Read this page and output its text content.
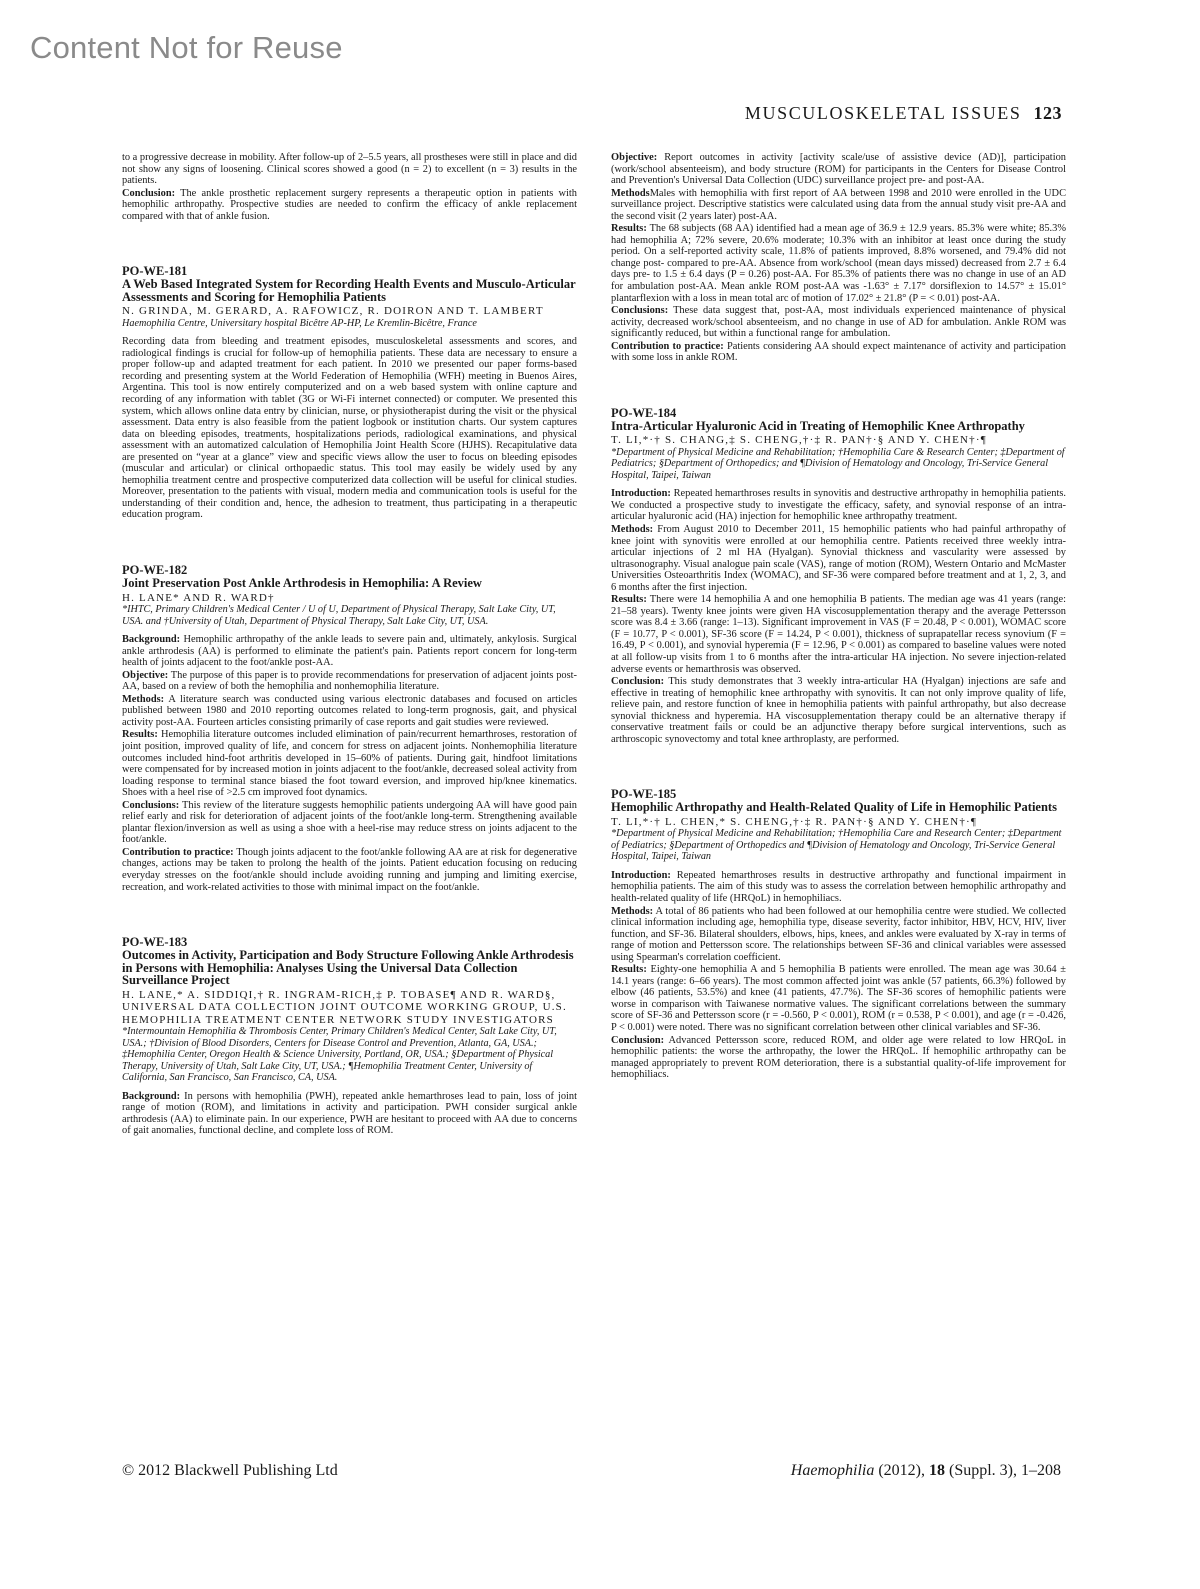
Content Not for Reuse
MUSCULOSKELETAL ISSUES 123

to a progressive decrease in mobility. After follow-up of 2–5.5 years, all prostheses were still in place and did not show any signs of loosening. Clinical scores showed a good (n = 2) to excellent (n = 3) results in the patients.

Conclusion: The ankle prosthetic replacement surgery represents a therapeutic option in patients with hemophilic arthropathy. Prospective studies are needed to confirm the efficacy of ankle replacement compared with that of ankle fusion.

PO-WE-181
A Web Based Integrated System for Recording Health Events and Musculo-Articular Assessments and Scoring for Hemophilia Patients
N. GRINDA, M. GERARD, A. RAFOWICZ, R. DOIRON AND T. LAMBERT
Haemophilia Centre, Universitary hospital Bicêtre AP-HP, Le Kremlin-Bicêtre, France

Recording data from bleeding and treatment episodes, musculoskeletal assessments and scores, and radiological findings is crucial for follow-up of hemophilia patients. These data are necessary to ensure a proper follow-up and adapted treatment for each patient. In 2010 we presented our paper forms-based recording and presenting system at the World Federation of Hemophilia (WFH) meeting in Buenos Aires, Argentina. This tool is now entirely computerized and on a web based system with online capture and recording of any information with tablet (3G or Wi-Fi internet connected) or computer. We presented this system, which allows online data entry by clinician, nurse, or physiotherapist during the visit or the physical assessment. Data entry is also feasible from the patient logbook or institution charts. Our system captures data on bleeding episodes, treatments, hospitalizations periods, radiological examinations, and physical assessment with an automatized calculation of Hemophilia Joint Health Score (HJHS). Recapitulative data are presented on “year at a glance” view and specific views allow the user to focus on bleeding episodes (muscular and articular) or clinical orthopaedic status. This tool may easily be widely used by any hemophilia treatment centre and prospective computerized data collection will be useful for clinical studies. Moreover, presentation to the patients with visual, modern media and communication tools is useful for the understanding of their condition and, hence, the adhesion to treatment, thus participating in a therapeutic education program.

PO-WE-182
Joint Preservation Post Ankle Arthrodesis in Hemophilia: A Review
H. LANE* AND R. WARD†
*IHTC, Primary Children's Medical Center / U of U, Department of Physical Therapy, Salt Lake City, UT, USA. and †University of Utah, Department of Physical Therapy, Salt Lake City, UT, USA.

Background: Hemophilic arthropathy of the ankle leads to severe pain and, ultimately, ankylosis. Surgical ankle arthrodesis (AA) is performed to eliminate the patient's pain. Patients report concern for long-term health of joints adjacent to the foot/ankle post-AA.

Objective: The purpose of this paper is to provide recommendations for preservation of adjacent joints post-AA, based on a review of both the hemophilia and nonhemophilia literature.

Methods: A literature search was conducted using various electronic databases and focused on articles published between 1980 and 2010 reporting outcomes related to long-term prognosis, gait, and physical activity post-AA. Fourteen articles consisting primarily of case reports and gait studies were reviewed.

Results: Hemophilia literature outcomes included elimination of pain/recurrent hemarthroses, restoration of joint position, improved quality of life, and concern for stress on adjacent joints. Nonhemophilia literature outcomes included hind-foot arthritis developed in 15–60% of patients. During gait, hindfoot limitations were compensated for by increased motion in joints adjacent to the foot/ankle, decreased soleal activity from loading response to terminal stance biased the foot toward eversion, and improved hip/knee kinematics. Shoes with a heel rise of >2.5 cm improved foot dynamics.

Conclusions: This review of the literature suggests hemophilic patients undergoing AA will have good pain relief early and risk for deterioration of adjacent joints of the foot/ankle long-term. Strengthening available plantar flexion/inversion as well as using a shoe with a heel-rise may reduce stress on joints adjacent to the foot/ankle.

Contribution to practice: Though joints adjacent to the foot/ankle following AA are at risk for degenerative changes, actions may be taken to prolong the health of the joints. Patient education focusing on reducing everyday stresses on the foot/ankle should include avoiding running and jumping and limiting exercise, recreation, and work-related activities to those with minimal impact on the foot/ankle.

PO-WE-183
Outcomes in Activity, Participation and Body Structure Following Ankle Arthrodesis in Persons with Hemophilia: Analyses Using the Universal Data Collection Surveillance Project
H. LANE,* A. SIDDIQI,† R. INGRAM-RICH,‡ P. TOBASE¶ AND R. WARD§, UNIVERSAL DATA COLLECTION JOINT OUTCOME WORKING GROUP, U.S. HEMOPHILIA TREATMENT CENTER NETWORK STUDY INVESTIGATORS
*Intermountain Hemophilia & Thrombosis Center, Primary Children's Medical Center, Salt Lake City, UT, USA.; †Division of Blood Disorders, Centers for Disease Control and Prevention, Atlanta, GA, USA.; ‡Hemophilia Center, Oregon Health & Science University, Portland, OR, USA.; §Department of Physical Therapy, University of Utah, Salt Lake City, UT, USA.; ¶Hemophilia Treatment Center, University of California, San Francisco, San Francisco, CA, USA.

Background: In persons with hemophilia (PWH), repeated ankle hemarthroses lead to pain, loss of joint range of motion (ROM), and limitations in activity and participation. PWH consider surgical ankle arthrodesis (AA) to eliminate pain. In our experience, PWH are hesitant to proceed with AA due to concerns of gait anomalies, functional decline, and complete loss of ROM.

Objective: Report outcomes in activity [activity scale/use of assistive device (AD)], participation (work/school absenteeism), and body structure (ROM) for participants in the Centers for Disease Control and Prevention's Universal Data Collection (UDC) surveillance project pre- and post-AA.

MethodsMales with hemophilia with first report of AA between 1998 and 2010 were enrolled in the UDC surveillance project. Descriptive statistics were calculated using data from the annual study visit pre-AA and the second visit (2 years later) post-AA.

Results: The 68 subjects (68 AA) identified had a mean age of 36.9 ± 12.9 years. 85.3% were white; 85.3% had hemophilia A; 72% severe, 20.6% moderate; 10.3% with an inhibitor at least once during the study period. On a self-reported activity scale, 11.8% of patients improved, 8.8% worsened, and 79.4% did not change post- compared to pre-AA. Absence from work/school (mean days missed) decreased from 2.7 ± 6.4 days pre- to 1.5 ± 6.4 days (P = 0.26) post-AA. For 85.3% of patients there was no change in use of an AD for ambulation post-AA. Mean ankle ROM post-AA was -1.63° ± 7.17° dorsiflexion to 14.57° ± 15.01° plantarflexion with a loss in mean total arc of motion of 17.02° ± 21.8° (P = < 0.01) post-AA.

Conclusions: These data suggest that, post-AA, most individuals experienced maintenance of physical activity, decreased work/school absenteeism, and no change in use of AD for ambulation. Ankle ROM was significantly reduced, but within a functional range for ambulation.

Contribution to practice: Patients considering AA should expect maintenance of activity and participation with some loss in ankle ROM.

PO-WE-184
Intra-Articular Hyaluronic Acid in Treating of Hemophilic Knee Arthropathy
T. LI,*·† S. CHANG,‡ S. CHENG,†·‡ R. PAN†·§ AND Y. CHEN†·¶
*Department of Physical Medicine and Rehabilitation; †Hemophilia Care & Research Center; ‡Department of Pediatrics; §Department of Orthopedics; and ¶Division of Hematology and Oncology, Tri-Service General Hospital, Taipei, Taiwan

Introduction: Repeated hemarthroses results in synovitis and destructive arthropathy in hemophilia patients. We conducted a prospective study to investigate the efficacy, safety, and synovial response of an intra-articular hyaluronic acid (HA) injection for hemophilic knee arthropathy treatment.

Methods: From August 2010 to December 2011, 15 hemophilic patients who had painful arthropathy of knee joint with synovitis were enrolled at our hemophilia centre. Patients received three weekly intra-articular injections of 2 ml HA (Hyalgan). Synovial thickness and vascularity were assessed by ultrasonography. Visual analogue pain scale (VAS), range of motion (ROM), Western Ontario and McMaster Universities Osteoarthritis Index (WOMAC), and SF-36 were compared before treatment and at 1, 2, 3, and 6 months after the first injection.

Results: There were 14 hemophilia A and one hemophilia B patients. The median age was 41 years (range: 21–58 years). Twenty knee joints were given HA viscosupplementation therapy and the average Pettersson score was 8.4 ± 3.66 (range: 1–13). Significant improvement in VAS (F = 20.48, P < 0.001), WOMAC score (F = 10.77, P < 0.001), SF-36 score (F = 14.24, P < 0.001), thickness of suprapatellar recess synovium (F = 16.49, P < 0.001), and synovial hyperemia (F = 12.96, P < 0.001) as compared to baseline values were noted at all follow-up visits from 1 to 6 months after the intra-articular HA injection. No severe injection-related adverse events or hemarthrosis was observed.

Conclusion: This study demonstrates that 3 weekly intra-articular HA (Hyalgan) injections are safe and effective in treating of hemophilic knee arthropathy with synovitis. It can not only improve quality of life, relieve pain, and restore function of knee in hemophilia patients with painful arthropathy, but also decrease synovial thickness and hyperemia. HA viscosupplementation therapy could be an alternative therapy if conservative treatment fails or could be an adjunctive therapy before surgical interventions, such as arthroscopic synovectomy and total knee arthroplasty, are performed.

PO-WE-185
Hemophilic Arthropathy and Health-Related Quality of Life in Hemophilic Patients
T. LI,*·† L. CHEN,* S. CHENG,†·‡ R. PAN†·§ AND Y. CHEN†·¶
*Department of Physical Medicine and Rehabilitation; †Hemophilia Care and Research Center; ‡Department of Pediatrics; §Department of Orthopedics and ¶Division of Hematology and Oncology, Tri-Service General Hospital, Taipei, Taiwan

Introduction: Repeated hemarthroses results in destructive arthropathy and functional impairment in hemophilia patients. The aim of this study was to assess the correlation between hemophilic arthropathy and health-related quality of life (HRQoL) in hemophiliacs.

Methods: A total of 86 patients who had been followed at our hemophilia centre were studied. We collected clinical information including age, hemophilia type, disease severity, factor inhibitor, HBV, HCV, HIV, liver function, and SF-36. Bilateral shoulders, elbows, hips, knees, and ankles were evaluated by X-ray in terms of range of motion and Pettersson score. The relationships between SF-36 and clinical variables were assessed using Spearman's correlation coefficient.

Results: Eighty-one hemophilia A and 5 hemophilia B patients were enrolled. The mean age was 30.64 ± 14.1 years (range: 6–66 years). The most common affected joint was ankle (57 patients, 66.3%) followed by elbow (46 patients, 53.5%) and knee (41 patients, 47.7%). The SF-36 scores of hemophilic patients were worse in comparison with Taiwanese normative values. The significant correlations between the summary score of SF-36 and Pettersson score (r = -0.560, P < 0.001), ROM (r = 0.538, P < 0.001), and age (r = -0.426, P < 0.001) were noted. There was no significant correlation between other clinical variables and SF-36.

Conclusion: Advanced Pettersson score, reduced ROM, and older age were related to low HRQoL in hemophilic patients: the worse the arthropathy, the lower the HRQoL. If hemophilic arthropathy can be managed appropriately to prevent ROM deterioration, there is a substantial quality-of-life improvement for hemophiliacs.

© 2012 Blackwell Publishing Ltd	Haemophilia (2012), 18 (Suppl. 3), 1–208
